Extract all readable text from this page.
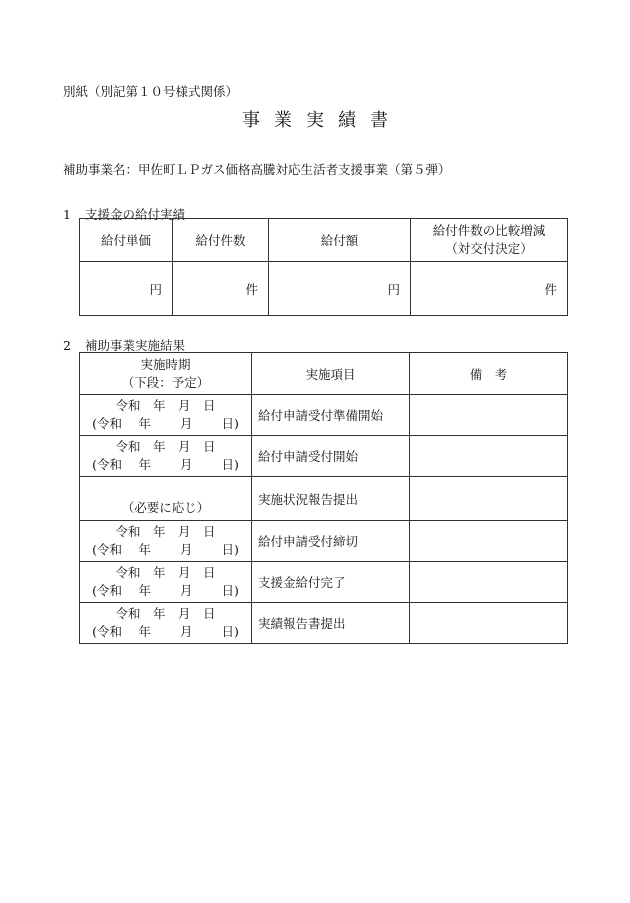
別紙（別記第１０号様式関係）
事業実績書
補助事業名：甲佐町ＬＰガス価格高騰対応生活者支援事業（第５弾）
1 支援金の給付実績
給付単価	給付件数	給付額	給付件数の比較増減
（対交付決定）

円	件	円	件
2 補助事業実施結果
実施時期
（下段：予定）	実施項目	備　考

令和　年　月　日
(令和　 年　　 月　　 日)	給付申請受付準備開始	

令和　年　月　日
(令和　 年　　 月　　 日)	給付申請受付開始	

（必要に応じ）	実施状況報告提出	

令和　年　月　日
(令和　 年　　 月　　 日)	給付申請受付締切	

令和　年　月　日
(令和　 年　　 月　　 日)	支援金給付完了	

令和　年　月　日
(令和　 年　　 月　　 日)	実績報告書提出	
